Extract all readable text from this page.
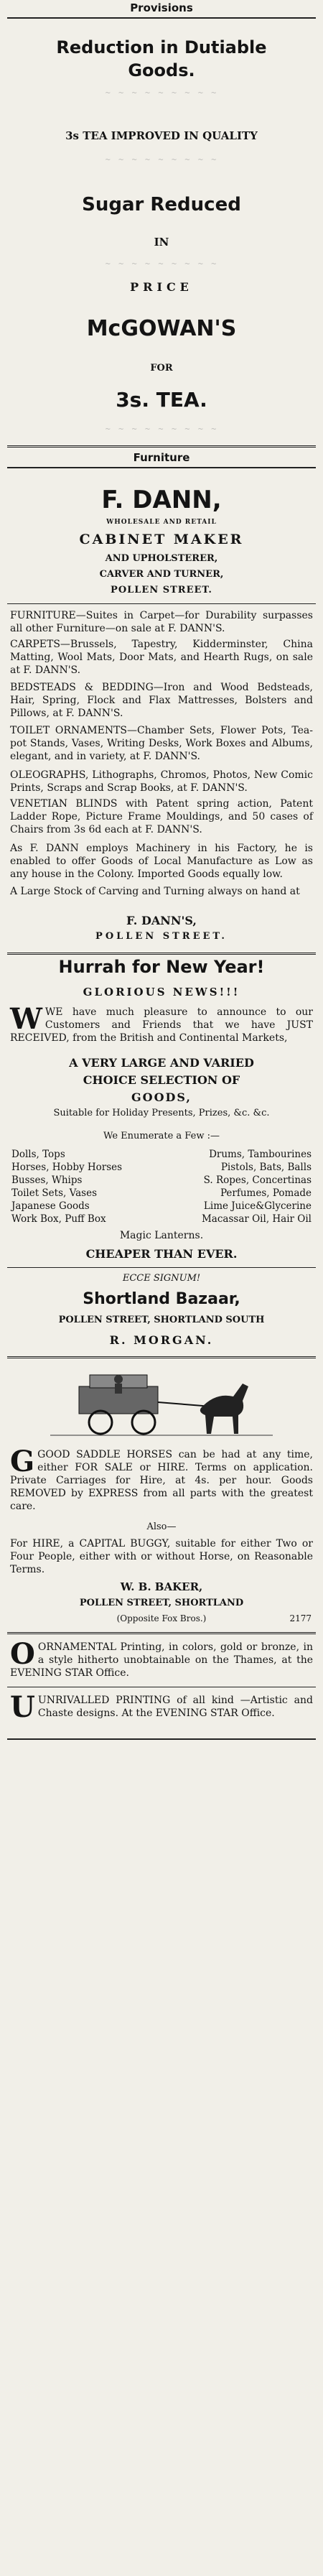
Provisions
Reduction in Dutiable
Goods.
~ ~ ~ ~ ~ ~ ~ ~ ~
3s TEA IMPROVED IN QUALITY
~ ~ ~ ~ ~ ~ ~ ~ ~
Sugar Reduced
IN
~ ~ ~ ~ ~ ~ ~ ~ ~
PRICE
McGOWAN'S
FOR
3s. TEA.
~ ~ ~ ~ ~ ~ ~ ~ ~
Furniture
F. DANN,
WHOLESALE AND RETAIL
CABINET MAKER
AND UPHOLSTERER,
CARVER AND TURNER,
POLLEN STREET.
FURNITURE—Suites in Carpet—for Durability surpasses all other Furniture—on sale at F. DANN'S.
CARPETS—Brussels, Tapestry, Kidderminster, China Matting, Wool Mats, Door Mats, and Hearth Rugs, on sale at F. DANN'S.
BEDSTEADS & BEDDING—Iron and Wood Bedsteads, Hair, Spring, Flock and Flax Mattresses, Bolsters and Pillows, at F. DANN'S.
TOILET ORNAMENTS—Chamber Sets, Flower Pots, Tea-pot Stands, Vases, Writing Desks, Work Boxes and Albums, elegant, and in variety, at F. DANN'S.
OLEOGRAPHS, Lithographs, Chromos, Photos, New Comic Prints, Scraps and Scrap Books, at F. DANN'S.
VENETIAN BLINDS with Patent spring action, Patent Ladder Rope, Picture Frame Mouldings, and 50 cases of Chairs from 3s 6d each at F. DANN'S.
As F. DANN employs Machinery in his Factory, he is enabled to offer Goods of Local Manufacture as Low as any house in the Colony. Imported Goods equally low.
A Large Stock of Carving and Turning always on hand at
F. DANN'S,
POLLEN STREET.
Hurrah for New Year!
GLORIOUS NEWS!!!
WWE have much pleasure to announce to our Customers and Friends that we have JUST RECEIVED, from the British and Continental Markets,
A VERY LARGE AND VARIED
CHOICE SELECTION OF
GOODS,
Suitable for Holiday Presents, Prizes, &c. &c.
We Enumerate a Few :—
Dolls, Tops	Drums, Tambourines
Horses, Hobby Horses	Pistols, Bats, Balls
Busses, Whips	S. Ropes, Concertinas
Toilet Sets, Vases	Perfumes, Pomade
Japanese Goods	Lime Juice&Glycerine
Work Box, Puff Box	Macassar Oil, Hair Oil
Magic Lanterns.
CHEAPER THAN EVER.
ECCE SIGNUM!
Shortland Bazaar,
POLLEN STREET, SHORTLAND SOUTH
R. MORGAN.
GGOOD SADDLE HORSES can be had at any time, either FOR SALE or HIRE. Terms on application. Private Carriages for Hire, at 4s. per hour. Goods REMOVED by EXPRESS from all parts with the greatest care.
Also—
For HIRE, a CAPITAL BUGGY, suitable for either Two or Four People, either with or without Horse, on Reasonable Terms.
W. B. BAKER,
POLLEN STREET, SHORTLAND
(Opposite Fox Bros.)	2177
OORNAMENTAL Printing, in colors, gold or bronze, in a style hitherto unobtainable on the Thames, at the EVENING STAR Office.
UUNRIVALLED PRINTING of all kind —Artistic and Chaste designs. At the EVENING STAR Office.
